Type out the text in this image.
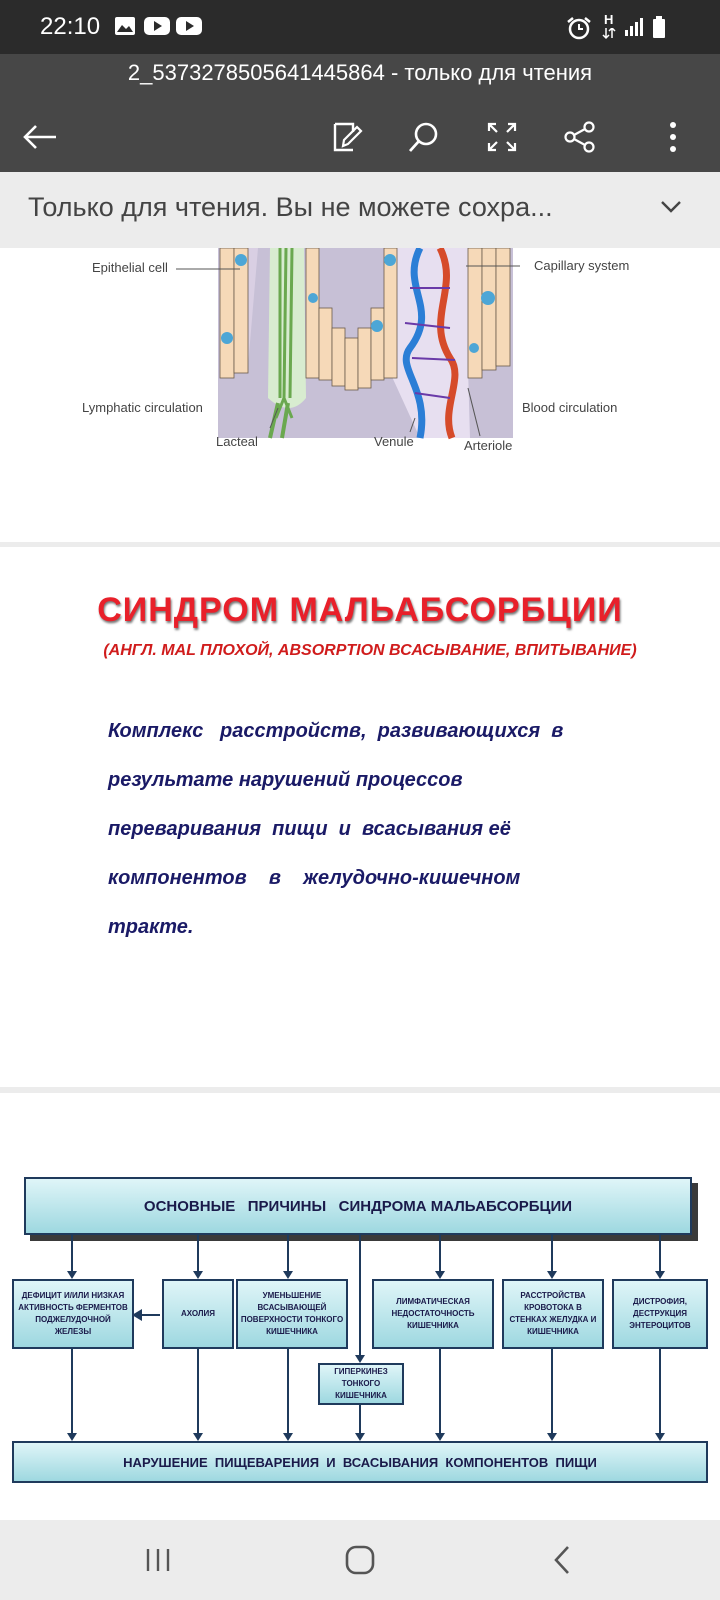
22:10	H
2_5373278505641445864 - только для чтения
Только для чтения. Вы не можете сохра...
Epithelial cell	Capillary system
Lymphatic circulation	Blood circulation
Lacteal	Venule	Arteriole
СИНДРОМ МАЛЬАБСОРБЦИИ
(АНГЛ. MAL ПЛОХОЙ, ABSORPTION ВСАСЫВАНИЕ, ВПИТЫВАНИЕ)
Комплекс   расстройств,  развивающихся  в
результате нарушений процессов
переваривания  пищи  и  всасывания её
компонентов    в    желудочно-кишечном
тракте.
ОСНОВНЫЕ   ПРИЧИНЫ   СИНДРОМА МАЛЬАБСОРБЦИИ
ДЕФИЦИТ И/ИЛИ НИЗКАЯ АКТИВНОСТЬ ФЕРМЕНТОВ ПОДЖЕЛУДОЧНОЙ ЖЕЛЕЗЫ
АХОЛИЯ
УМЕНЬШЕНИЕ ВСАСЫВАЮЩЕЙ ПОВЕРХНОСТИ ТОНКОГО КИШЕЧНИКА
ЛИМФАТИЧЕСКАЯ НЕДОСТАТОЧНОСТЬ КИШЕЧНИКА
РАССТРОЙСТВА КРОВОТОКА В СТЕНКАХ ЖЕЛУДКА И КИШЕЧНИКА
ДИСТРОФИЯ, ДЕСТРУКЦИЯ ЭНТЕРОЦИТОВ
ГИПЕРКИНЕЗ ТОНКОГО КИШЕЧНИКА
НАРУШЕНИЕ  ПИЩЕВАРЕНИЯ  И  ВСАСЫВАНИЯ  КОМПОНЕНТОВ  ПИЩИ
